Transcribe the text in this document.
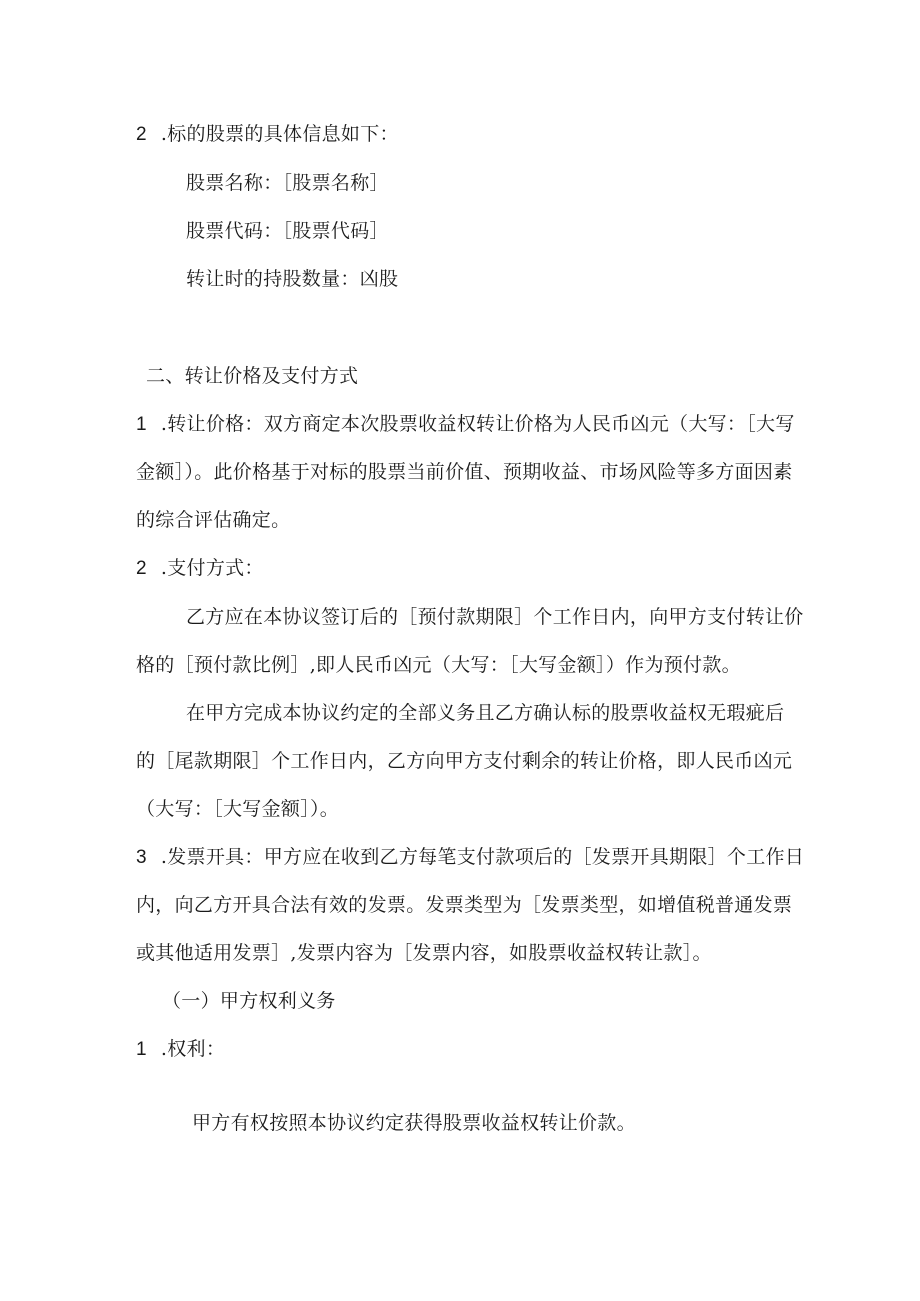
2 .标的股票的具体信息如下：
股票名称：［股票名称］
股票代码：［股票代码］
转让时的持股数量：凶股
二、转让价格及支付方式
1 .转让价格：双方商定本次股票收益权转让价格为人民币凶元（大写：［大写
金额］）。此价格基于对标的股票当前价值、预期收益、市场风险等多方面因素
的综合评估确定。
2 .支付方式：
乙方应在本协议签订后的［预付款期限］个工作日内，向甲方支付转让价
格的［预付款比例］,即人民币凶元（大写：［大写金额］）作为预付款。
在甲方完成本协议约定的全部义务且乙方确认标的股票收益权无瑕疵后
的［尾款期限］个工作日内，乙方向甲方支付剩余的转让价格，即人民币凶元
（大写：［大写金额］）。
3 .发票开具：甲方应在收到乙方每笔支付款项后的［发票开具期限］个工作日
内，向乙方开具合法有效的发票。发票类型为［发票类型，如增值税普通发票
或其他适用发票］,发票内容为［发票内容，如股票收益权转让款］。
（一）甲方权利义务
1 .权利：
甲方有权按照本协议约定获得股票收益权转让价款。
